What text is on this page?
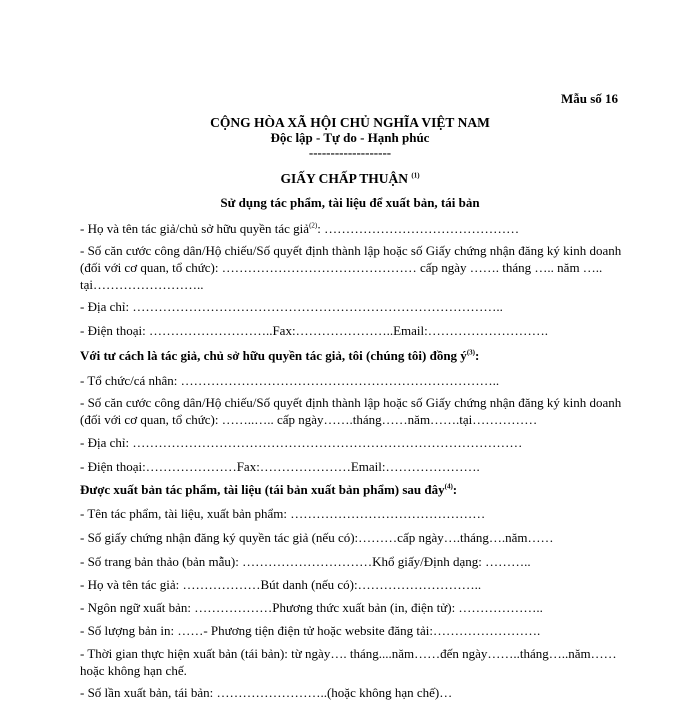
Mẫu số 16
CỘNG HÒA XÃ HỘI CHỦ NGHĨA VIỆT NAM
Độc lập - Tự do - Hạnh phúc
-------------------
GIẤY CHẤP THUẬN $^{(1)}$
Sử dụng tác phẩm, tài liệu để xuất bản, tái bản
- Họ và tên tác giả/chủ sở hữu quyền tác giả$^{(2)}$: ………………………………………
- Số căn cước công dân/Hộ chiếu/Số quyết định thành lập hoặc số Giấy chứng nhận đăng ký kinh doanh (đối với cơ quan, tổ chức): ……………………………………… cấp ngày ……. tháng ….. năm ….. tại……………………..
- Địa chỉ: …………………………………………………………………………..
- Điện thoại: ………………………..Fax:…………………..Email:……………………….
Với tư cách là tác giả, chủ sở hữu quyền tác giả, tôi (chúng tôi) đồng $ý^{(3)}$:
- Tổ chức/cá nhân: ………………………………………………………………..
- Số căn cước công dân/Hộ chiếu/Số quyết định thành lập hoặc số Giấy chứng nhận đăng ký kinh doanh (đối với cơ quan, tổ chức): ……..….. cấp ngày…….tháng……năm…….tại……………
- Địa chỉ: ………………………………………………………………………………
- Điện thoại:…………………Fax:…………………Email:………………….
Được xuất bản tác phẩm, tài liệu (tái bản xuất bản phẩm) sau đây$^{(4)}$:
- Tên tác phẩm, tài liệu, xuất bản phẩm: ………………………………………
- Số giấy chứng nhận đăng ký quyền tác giả (nếu có):………cấp ngày….tháng….năm……
- Số trang bản thảo (bản mẫu): …………………………Khổ giấy/Định dạng: ………..
- Họ và tên tác giả: ………………Bút danh (nếu có):………………………..
- Ngôn ngữ xuất bản: ………………Phương thức xuất bản (in, điện tử): ………………..
- Số lượng bản in: ……- Phương tiện điện tử hoặc website đăng tải:…………………….
- Thời gian thực hiện xuất bản (tái bản): từ ngày…. tháng....năm……đến ngày……..tháng…..năm…… hoặc không hạn chế.
- Số lần xuất bản, tái bản: ……………………..(hoặc không hạn chế)…
